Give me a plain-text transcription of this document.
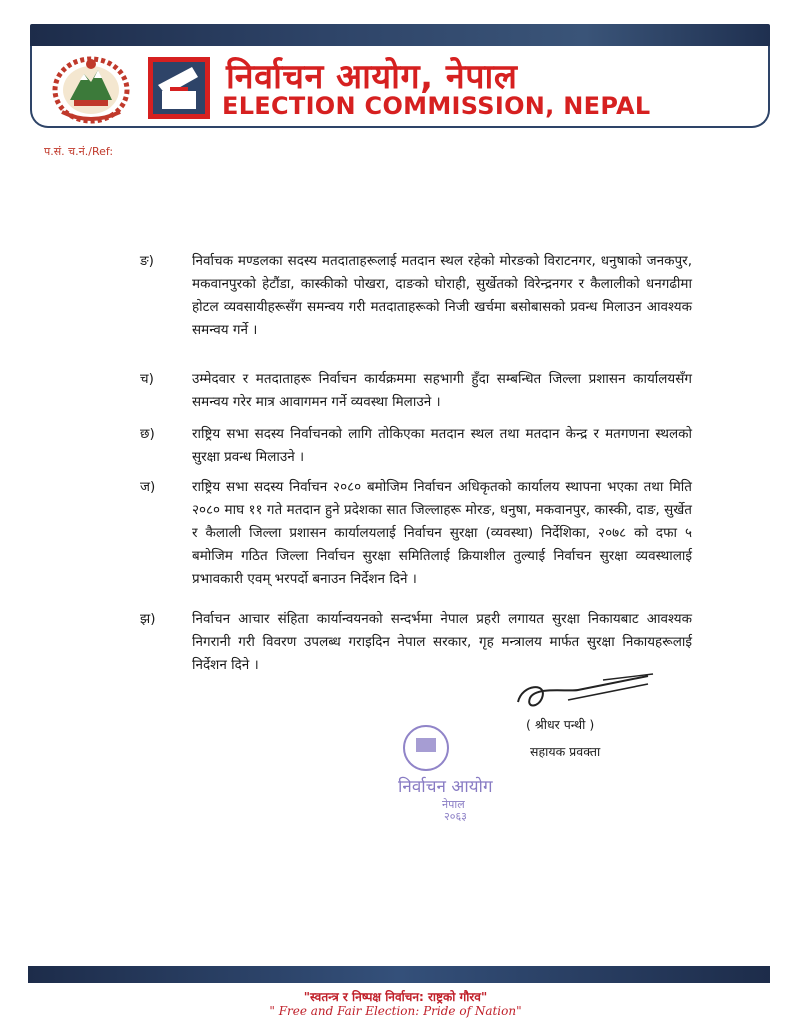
निर्वाचन आयोग, नेपाल
ELECTION COMMISSION, NEPAL
प.सं. च.नं./Ref:
ङ)	निर्वाचक मण्डलका सदस्य मतदाताहरूलाई मतदान स्थल रहेको मोरङको विराटनगर, धनुषाको जनकपुर, मकवानपुरको हेटौंडा, कास्कीको पोखरा, दाङको घोराही, सुर्खेतको विरेन्द्रनगर र कैलालीको धनगढीमा होटल व्यवसायीहरूसँग समन्वय गरी मतदाताहरूको निजी खर्चमा बसोबासको प्रवन्ध मिलाउन आवश्यक समन्वय गर्ने ।
च)	उम्मेदवार र मतदाताहरू निर्वाचन कार्यक्रममा सहभागी हुँदा सम्बन्धित जिल्ला प्रशासन कार्यालयसँग समन्वय गरेर मात्र आवागमन गर्ने व्यवस्था मिलाउने ।
छ)	राष्ट्रिय सभा सदस्य निर्वाचनको लागि तोकिएका मतदान स्थल तथा मतदान केन्द्र र मतगणना स्थलको सुरक्षा प्रवन्ध मिलाउने ।
ज)	राष्ट्रिय सभा सदस्य निर्वाचन २०८० बमोजिम निर्वाचन अधिकृतको कार्यालय स्थापना भएका तथा मिति २०८० माघ ११ गते मतदान हुने प्रदेशका सात जिल्लाहरू मोरङ, धनुषा, मकवानपुर, कास्की, दाङ, सुर्खेत र कैलाली जिल्ला प्रशासन कार्यालयलाई निर्वाचन सुरक्षा (व्यवस्था) निर्देशिका, २०७८ को दफा ५ बमोजिम गठित जिल्ला निर्वाचन सुरक्षा समितिलाई क्रियाशील तुल्याई निर्वाचन सुरक्षा व्यवस्थालाई प्रभावकारी एवम् भरपर्दो बनाउन निर्देशन दिने ।
झ)	निर्वाचन आचार संहिता कार्यान्वयनको सन्दर्भमा नेपाल प्रहरी लगायत सुरक्षा निकायबाट आवश्यक निगरानी गरी विवरण उपलब्ध गराइदिन नेपाल सरकार, गृह मन्त्रालय मार्फत सुरक्षा निकायहरूलाई निर्देशन दिने ।
( श्रीधर पन्थी )
सहायक प्रवक्ता
निर्वाचन आयोग
नेपाल
२०६३
"स्वतन्त्र र निष्पक्ष निर्वाचन: राष्ट्रको गौरव"
" Free and Fair Election: Pride of Nation"
